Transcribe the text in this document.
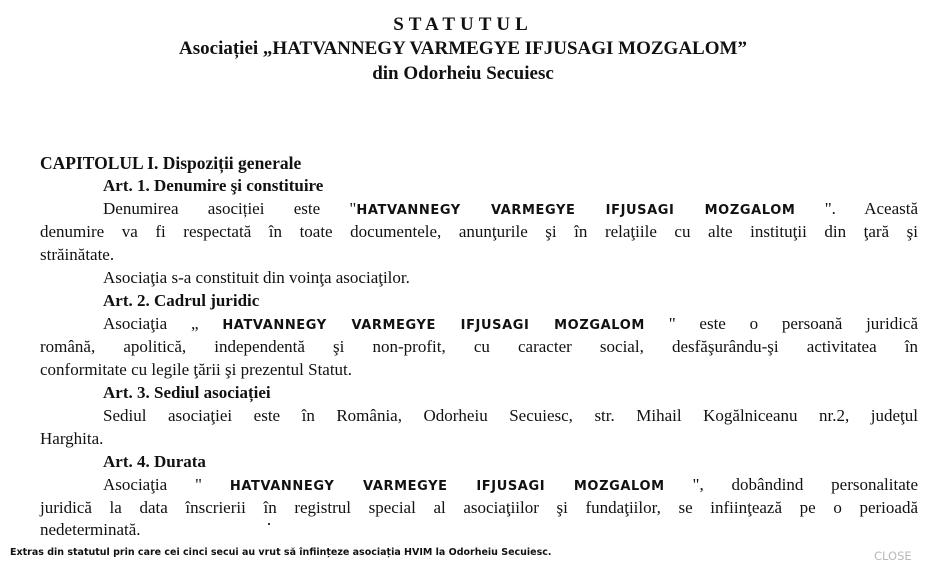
STATUTUL
Asociației „HATVANNEGY VARMEGYE IFJUSAGI MOZGALOM”
din Odorheiu Secuiesc
CAPITOLUL I. Dispoziții generale
Art. 1. Denumire şi constituire
Denumirea asociției este "HATVANNEGY VARMEGYE IFJUSAGI MOZGALOM ". Această
denumire va fi respectată în toate documentele, anunţurile şi în relaţiile cu alte instituţii din ţară şi
străinătate.
Asociaţia s-a constituit din voinţa asociaţilor.
Art. 2. Cadrul juridic
Asociaţia „ HATVANNEGY VARMEGYE IFJUSAGI MOZGALOM " este o persoană juridică
română, apolitică, independentă şi non-profit, cu caracter social, desfăşurându-şi activitatea în
conformitate cu legile ţării şi prezentul Statut.
Art. 3. Sediul asociației
Sediul asociaţiei este în România, Odorheiu Secuiesc, str. Mihail Kogălniceanu nr.2, judeţul
Harghita.
Art. 4. Durata
Asociaţia " HATVANNEGY VARMEGYE IFJUSAGI MOZGALOM ", dobândind personalitate
juridică la data înscrierii în registrul special al asociaţiilor şi fundaţiilor, se infiinţează pe o perioadă
nedeterminată.
Extras din statutul prin care cei cinci secui au vrut să înființeze asociația HVIM la Odorheiu Secuiesc.	CLOSE
